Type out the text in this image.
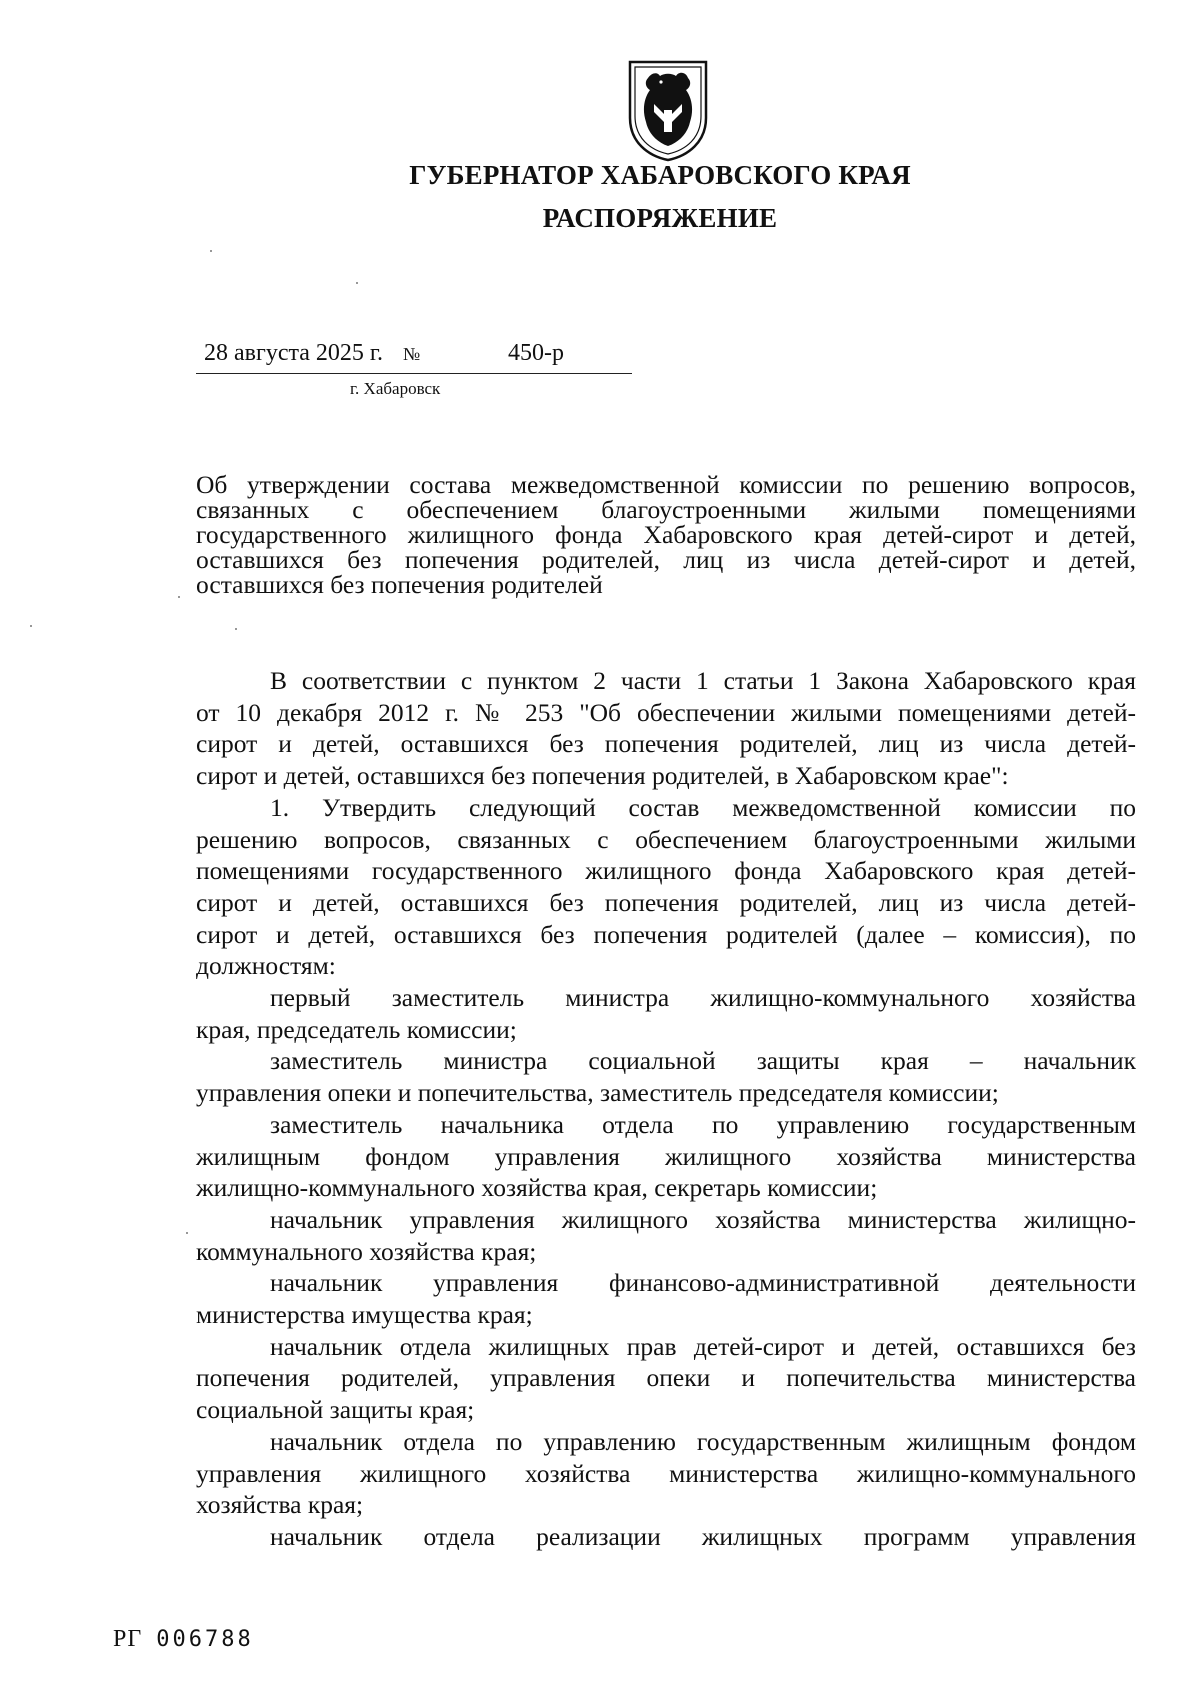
ГУБЕРНАТОР ХАБАРОВСКОГО КРАЯ
РАСПОРЯЖЕНИЕ
28 августа 2025 г. №	450-р
г. Хабаровск
Об утверждении состава межведомственной комиссии по решению вопросов,
связанных с обеспечением благоустроенными жилыми помещениями
государственного жилищного фонда Хабаровского края детей-сирот и детей,
оставшихся без попечения родителей, лиц из числа детей-сирот и детей,
оставшихся без попечения родителей
В соответствии с пунктом 2 части 1 статьи 1 Закона Хабаровского края
от 10 декабря 2012 г. № 253 "Об обеспечении жилыми помещениями детей-
сирот и детей, оставшихся без попечения родителей, лиц из числа детей-
сирот и детей, оставшихся без попечения родителей, в Хабаровском крае":
1. Утвердить следующий состав межведомственной комиссии по
решению вопросов, связанных с обеспечением благоустроенными жилыми
помещениями государственного жилищного фонда Хабаровского края детей-
сирот и детей, оставшихся без попечения родителей, лиц из числа детей-
сирот и детей, оставшихся без попечения родителей (далее – комиссия), по
должностям:
первый заместитель министра жилищно-коммунального хозяйства
края, председатель комиссии;
заместитель министра социальной защиты края – начальник
управления опеки и попечительства, заместитель председателя комиссии;
заместитель начальника отдела по управлению государственным
жилищным фондом управления жилищного хозяйства министерства
жилищно-коммунального хозяйства края, секретарь комиссии;
начальник управления жилищного хозяйства министерства жилищно-
коммунального хозяйства края;
начальник управления финансово-административной деятельности
министерства имущества края;
начальник отдела жилищных прав детей-сирот и детей, оставшихся без
попечения родителей, управления опеки и попечительства министерства
социальной защиты края;
начальник отдела по управлению государственным жилищным фондом
управления жилищного хозяйства министерства жилищно-коммунального
хозяйства края;
начальник отдела реализации жилищных программ управления
РГ 006788
